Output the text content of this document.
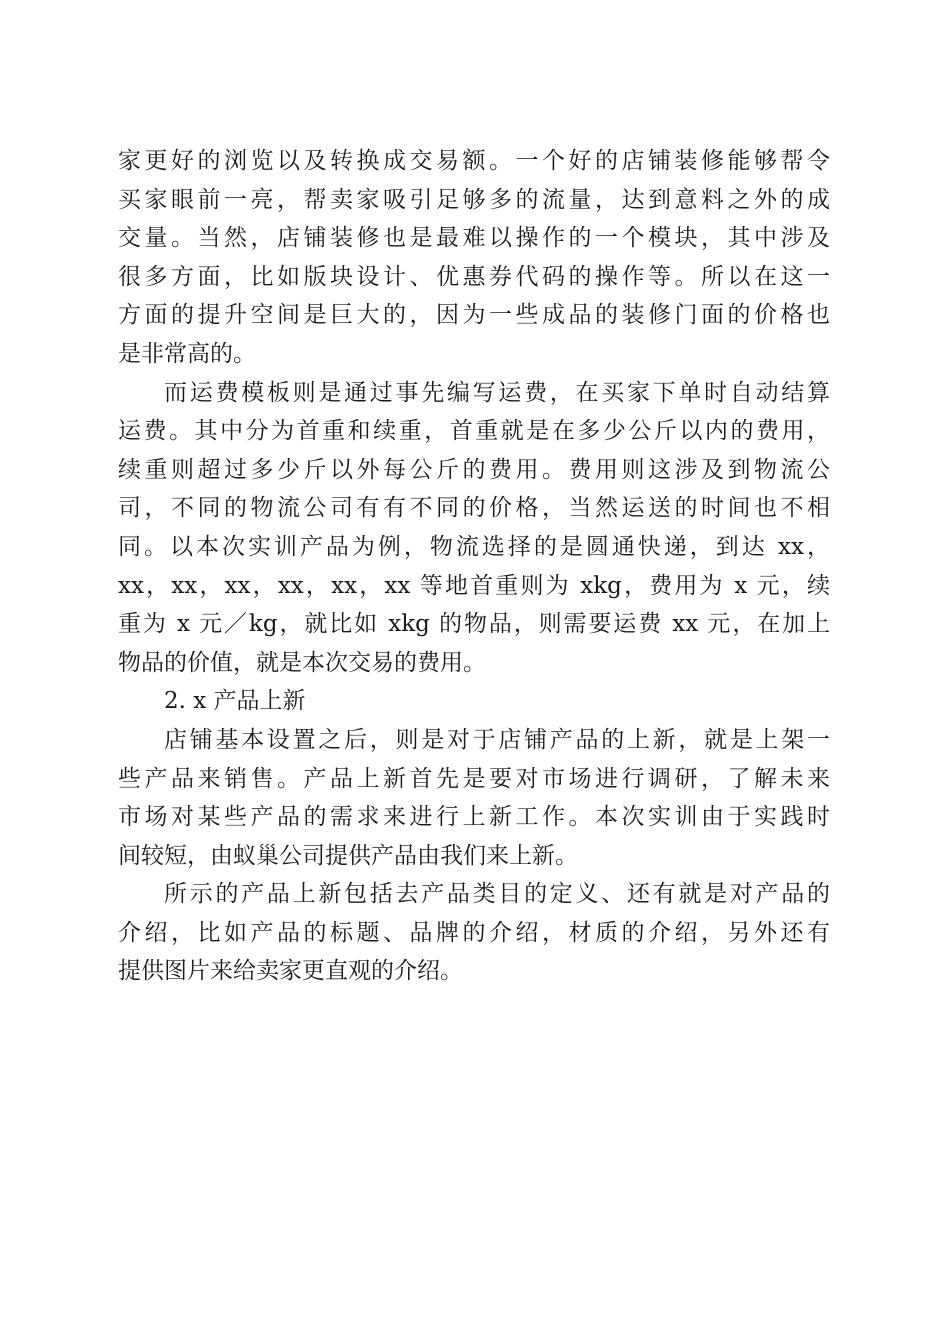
家更好的浏览以及转换成交易额。一个好的店铺装修能够帮令
买家眼前一亮，帮卖家吸引足够多的流量，达到意料之外的成
交量。当然，店铺装修也是最难以操作的一个模块，其中涉及
很多方面，比如版块设计、优惠券代码的操作等。所以在这一
方面的提升空间是巨大的，因为一些成品的装修门面的价格也
是非常高的。
而运费模板则是通过事先编写运费，在买家下单时自动结算
运费。其中分为首重和续重，首重就是在多少公斤以内的费用，
续重则超过多少斤以外每公斤的费用。费用则这涉及到物流公
司，不同的物流公司有有不同的价格，当然运送的时间也不相
同。以本次实训产品为例，物流选择的是圆通快递，到达 xx，
xx，xx，xx，xx，xx，xx 等地首重则为 xkg，费用为 x 元，续
重为 x 元／kg，就比如 xkg 的物品，则需要运费 xx 元，在加上
物品的价值，就是本次交易的费用。
2. x 产品上新
店铺基本设置之后，则是对于店铺产品的上新，就是上架一
些产品来销售。产品上新首先是要对市场进行调研，了解未来
市场对某些产品的需求来进行上新工作。本次实训由于实践时
间较短，由蚁巢公司提供产品由我们来上新。
所示的产品上新包括去产品类目的定义、还有就是对产品的
介绍，比如产品的标题、品牌的介绍，材质的介绍，另外还有
提供图片来给卖家更直观的介绍。
